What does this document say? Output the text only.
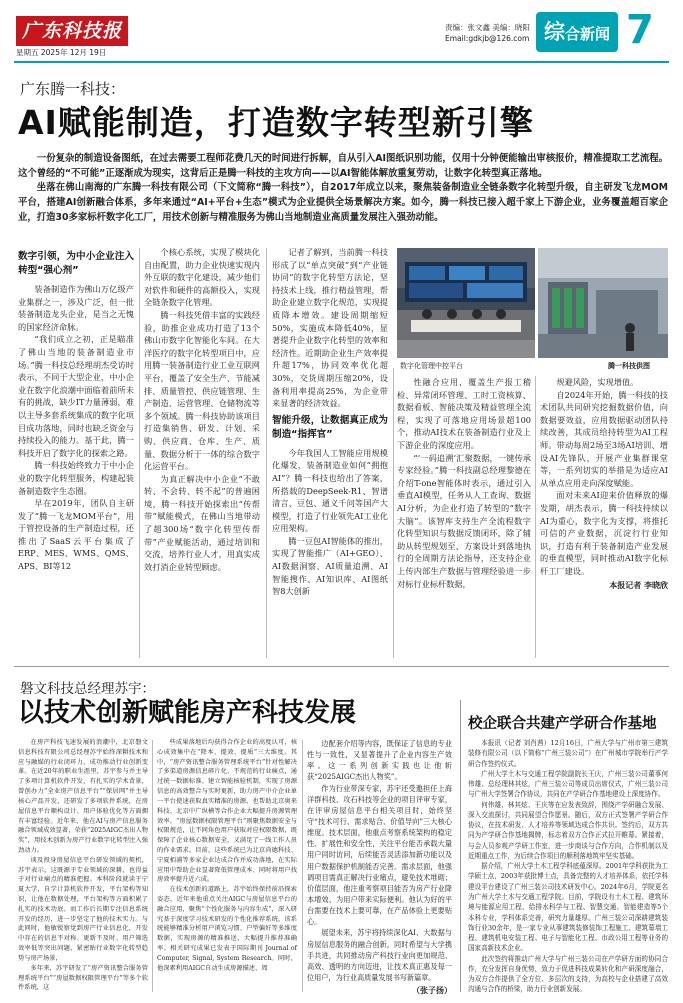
广东科技报
星期五 2025年 12月 19日
责编：张文鑫 美编：晓阳
Email:gdkjb@126.com 综合新闻 7
广东腾一科技：
AI赋能制造，打造数字转型新引擎

一份复杂的制造设备图纸，在过去需要工程师花费几天的时间进行拆解，自从引入AI图纸识别功能，仅用十分钟便能输出审核报价，精准提取工艺流程。这个曾经的“不可能”正逐渐成为现实，这背后正是腾一科技的主攻方向——以AI智能体解放重复劳动，让数字化转型真正落地。

坐落在佛山南海的广东腾一科技有限公司（下文简称“腾一科技”），自2017年成立以来，聚焦装备制造业全链条数字化转型升级，自主研发飞龙MOM平台，搭建AI创新融合体系，多年来通过“AI+平台+生态”模式为企业提供全场景解决方案。如今，腾一科技已接入超千家上下游企业，业务覆盖超百家企业，打造30多家标杆数字化工厂，用技术创新与精准服务为佛山当地制造业高质量发展注入强劲动能。

数字引领，为中小企业注入转型“强心剂”

装备制造作为佛山万亿级产业集群之一，涉及广泛，但一批装备制造龙头企业，是当之无愧的国家经济命脉。

“我们成立之初，正是瞄准了佛山当地的装备制造业市场。”腾一科技总经理胡杰受访时表示，不同于大型企业，中小企业在数字化浪潮中面临着前所未有的挑战，缺少IT力量薄弱，难以主导多套系统集成的数字化项目成功落地，同时也缺乏资金与持续投入的能力。基于此，腾一科技开启了数字化的探索之路。

腾一科技始终致力于中小企业的数字化转型服务，构建起装备制造数字生态圈。

早在2019年，团队自主研发了“腾一飞龙MOM平台”，用于管控设备的生产制造过程，还推出了SaaS云平台集成了ERP、MES、WMS、QMS、APS、BI等12

个核心系统，实现了模块化自由配置，助力企业快速实现内外互联的数字化建设，减少他们对软件和硬件的高额投入，实现全链条数字化管理。

腾一科技凭借丰富的实践经验，助推企业成功打造了13个佛山市数字化智能化车间。在大洋医疗的数字化转型项目中，应用腾一装备制造行业工业互联网平台，覆盖了安全生产、节能减排、质量管控、供应链管理、生产制造、运营管理、仓储物流等多个领域。腾一科技协助该项目打造集销售、研发、计划、采购、供应商、仓库、生产、质量、数据分析于一体的综合数字化运营平台。

为真正解决中小企业“不敢转、不会转、转不起”的普遍困境，腾一科技开始探索出“传帮带”赋能模式，在佛山当地带动了超300场“数字化转型传帮带”产业赋能活动，通过培训和交流，培养行业人才，用真实成效打消企业转型顾虑。

记者了解到，当前腾一科技形成了以“单点突破”到“产业链协同”的数字化转型方法论，坚持技术上线，推行精益管理，帮助企业建立数字化规范，实现提质降本增效。建设周期缩短50%，实施成本降低40%，显著提升企业数字化转型的效率和经济性。近期助企业生产效率提升超17%，协同效率优化超30%，交货周期压缩20%，设备利用率提高25%，为企业带来显著的经济效益。

智能升级，让数据真正成为制造“指挥官”

今年我国人工智能应用规模化爆发，装备制造业如何“拥抱AI”？腾一科技也给出了答案，所搭载的DeepSeek-R1、智谱清言、豆包、通义千问等国产大模型，打造了行业领先AI工业化应用架构。

腾一豆包AI智能体的推出，实现了智能推广（AI+GEO）、AI数据洞察、AI质量追溯、AI智能搜作、AI知识库、AI图纸智8大创新

数字化管理中控平台	腾一科技供图

性融合应用，覆盖生产报工稽检、异常闭环管理、工时工资核算、数据看板、智能决策及精益管理全流程，实现了可落地应用场景超100个，推动AI技术在装备制造行业及上下游企业的深度应用。

“‘一码追溯’汇聚数据，一键传承专家经验。”腾一科技副总经理黎德在介绍T-one智能体时表示，通过引入垂直AI模型，任务从人工查询、数据AI分析，为企业打造了转型的“数字大脑”。该智库支持生产全流程数字化转型知识与数据反馈闭环，除了辅助从转型规划至、方案设计到落地执行的全周期方法论指导，还支持企业上传内部生产数据与管理经验进一步对标行业标杆数据，

规避风险，实现增值。

自2024年开始，腾一科技的技术团队共同研究挖掘数据价值，向数据要效益，应用数据驱动团队持续改善，其成员给持转型为AI工程师。带动每周2场至3场AI培训、增设AI先锋队，开展产业集群课堂等，一系列切实的举措是为适应AI从单点应用走向深度赋能。

面对未来AI迎来价值释放的爆发期，胡杰表示，腾一科技持续以AI为重心，数字化为支撑，将推托可信的产业数据，沉淀行行业知识，打造有利于装备制造产业发展的垂直模型，同时推动AI数字化标杆工厂建设。

本报记者 李晓欣
磐文科技总经理苏宇：
以技术创新赋能房产科技发展

在房产科技飞速发展的浪潮中，北京磐文信息科技有限公司总经理苏宇始终深耕技术和应与融媒的行业闭环力，成功推动行业创新变革。在近20年的职业生涯里，苏宇参与并主导了多项计算机软件开发，有扎实的学术背景，曾创办力“全业房产信息平台”“保居网”并主导核心产品开发，还研发了多项软件系统，在房屋信息平台顺构设计、用户体验优化等方面拥有丰富经验。近年来，他在AI与房产信息服务融合领域成效显著，荣获“2025AIGC杰出人物奖”，用技术创新为房产行业数字化转型注入强劲动力。

谈及投身房屋信息平台研发领域的契机，苏宇表示，这既源于专业领域的深耕，也得益于对行业痛点的精准把握。本科阶段就读于宁夏大学，自学计算机软件开发，平台架构等知识，让他在数据处理，平台架构等方面积累了扎实的技术功底。而工作后长期专注信息系统开发的经历，进一步坚定了他的技术实力。与此同时，他敏锐察觉到房产行业信息化，开发中存在的信息不对称、更新不及时、用户筛选效率低等突出问题，紧密贴行业数字化转型趋势与房产场景，

多年来，苏宇研发了“房产资讯整合服务管理系统平台”“房屋数据权限管理平台”等多个软件系统，这

些成果落地后均获得合作企业的高度认可，核心成效集中在“降本、提效、提质”三大维度。其中，“房产资讯整合服务管理系统平台”针对性解决了多渠道房源信息碎片化、不规范的行业痛点，通过统一数据标准、建立智能核验机制，实现了房源信息的高效整合与实时更新，助力房产中介企业单一平台使速获取真实精准的房源，也帮助北京奥来科技、北京中广纵横等合作企业大幅提升房源管理效率。“房屋数据权限管理平台”则聚焦数据安全与权限规范，让不同角色用户获取对应权限数据，既保障了企业核心数据安全，又满足了一线工作人员的作业需求。目前，这些系统已为北京尚德科技、宁夏栢浦等多家企业达成合作并成功落地，在实际应用中帮助企业显著降低管理成本、同时将用户找房效率提升近六成。

在技术创新的道路上，苏宇始终保持前沿探索姿态，近年来他重点关注AIGC与房屋信息平台的融合应用，聚焦“个性化服务与内容生成”，深入研究基于深度学习技术研发的个性化推荐系统，该系统能够精准分析用户浏览习惯、户型偏好等多维度数据，实现房源的精准推送，大幅提升推荐准确率。相关研究成果已发表于国际期刊 Journal of Computer, Signal, System Research。同时，他深素利用AIGC自动生成房源描述、周

边配套介绍等内容，既保证了信息的专业性与一致性，又显著提升了企业内容生产效率。这一系列创新实践也让他斩获“2025AIGC杰出人物奖”。

作为行业带深专家，苏宇还受邀担任上海洋群科技、攻石科技等企业的项目评审专家，在评审房屋信息平台相关项目时，始终坚守“技术可行、需求贴合、价值导向”三大核心维度。技术层面，他重点考察系统架构的稳定性、扩展性和安全性，关注平台能否承载大量用户同时访问，后续能否灵活添加新功能以及用户数据保护机制能否完善。需求层面，他强调项目需真正解决行业痛点，避免技术堆砌；价值层面，他注重考察项目能否为房产行业降本增效、为用户带来实际便利。他认为好的平台需要在技术上要可靠，在产品体验上更要贴心。

展望未来，苏宇将持续深化AI、大数据与房屋信息服务的融合创新，同时希望与大学携手共进，共同推动房产科技行业向更加规范、高效、透明的方向迈进，让技术真正惠及每一位用户，为行业高质量发展书写新篇章。

（张子扬）
校企联合共建产学研合作基地

本报讯（记者 刘肖茜）12月16日，广州大学与广州市第三建筑装修有限公司（以下简称“广州三装公司”）在广州城市学院举行产学研合作签约仪式。

广州大学土木与交通工程学院副院长王庆，广州三装公司董事何伟雄、总经理林其炫，广州三装公司等成员出席仪式，广州三装公司与广州大学签署合作协议，共同在产学研合作基地建设上深度协作。

何伟雄、林其炫、王庆等在应发表致辞，围绕产学研融合发展、深入交流探讨，共同展望合作愿景。随后，双方正式签署产学研合作协议，在技术研发、人才培养等领域达成合作共识。签约后，双方共同为产学研合作基地揭牌，标志着双方合作正式拉开帷幕。紧接着，与会人员参观产学研工作室，进一步商谈与合作方向，合作机制以及近期重点工作，为后续合作项目的顺利落地筑牢坚实基础。

据介绍，广州大学土木工程学科底蕴深厚。2001年学科获批为工学硕士点，2003年获批博士点，具备完整的人才培养体系，依托学科建设平台建设了广州三装公司技术研发中心。2024年6月，学院更名为广州大学土木与交通工程学院。目前，学院设有土木工程、建筑环境与能源应用工程、给排水科学与工程、智慧交通、智能建造等5个本科专业，学科体系完善，研究力量雄厚。广州三装公司深耕建筑装饰行业30余年，是一家专业从事建筑装修装饰工程施工、建筑幕墙工程、建筑机电安装工程、电子与智能化工程、市政公用工程等业务的国家高新技术企业。

此次签约将推动广州大学与广州三装公司在产学研方面的协同合作，充分发挥自身优势，致力于促进科技成果转化和产研深度融合，为双方合作提供了全方位、多层次的支持，为高校与企业搭建了高效沟通与合作的桥梁，助力行业创新发展。
